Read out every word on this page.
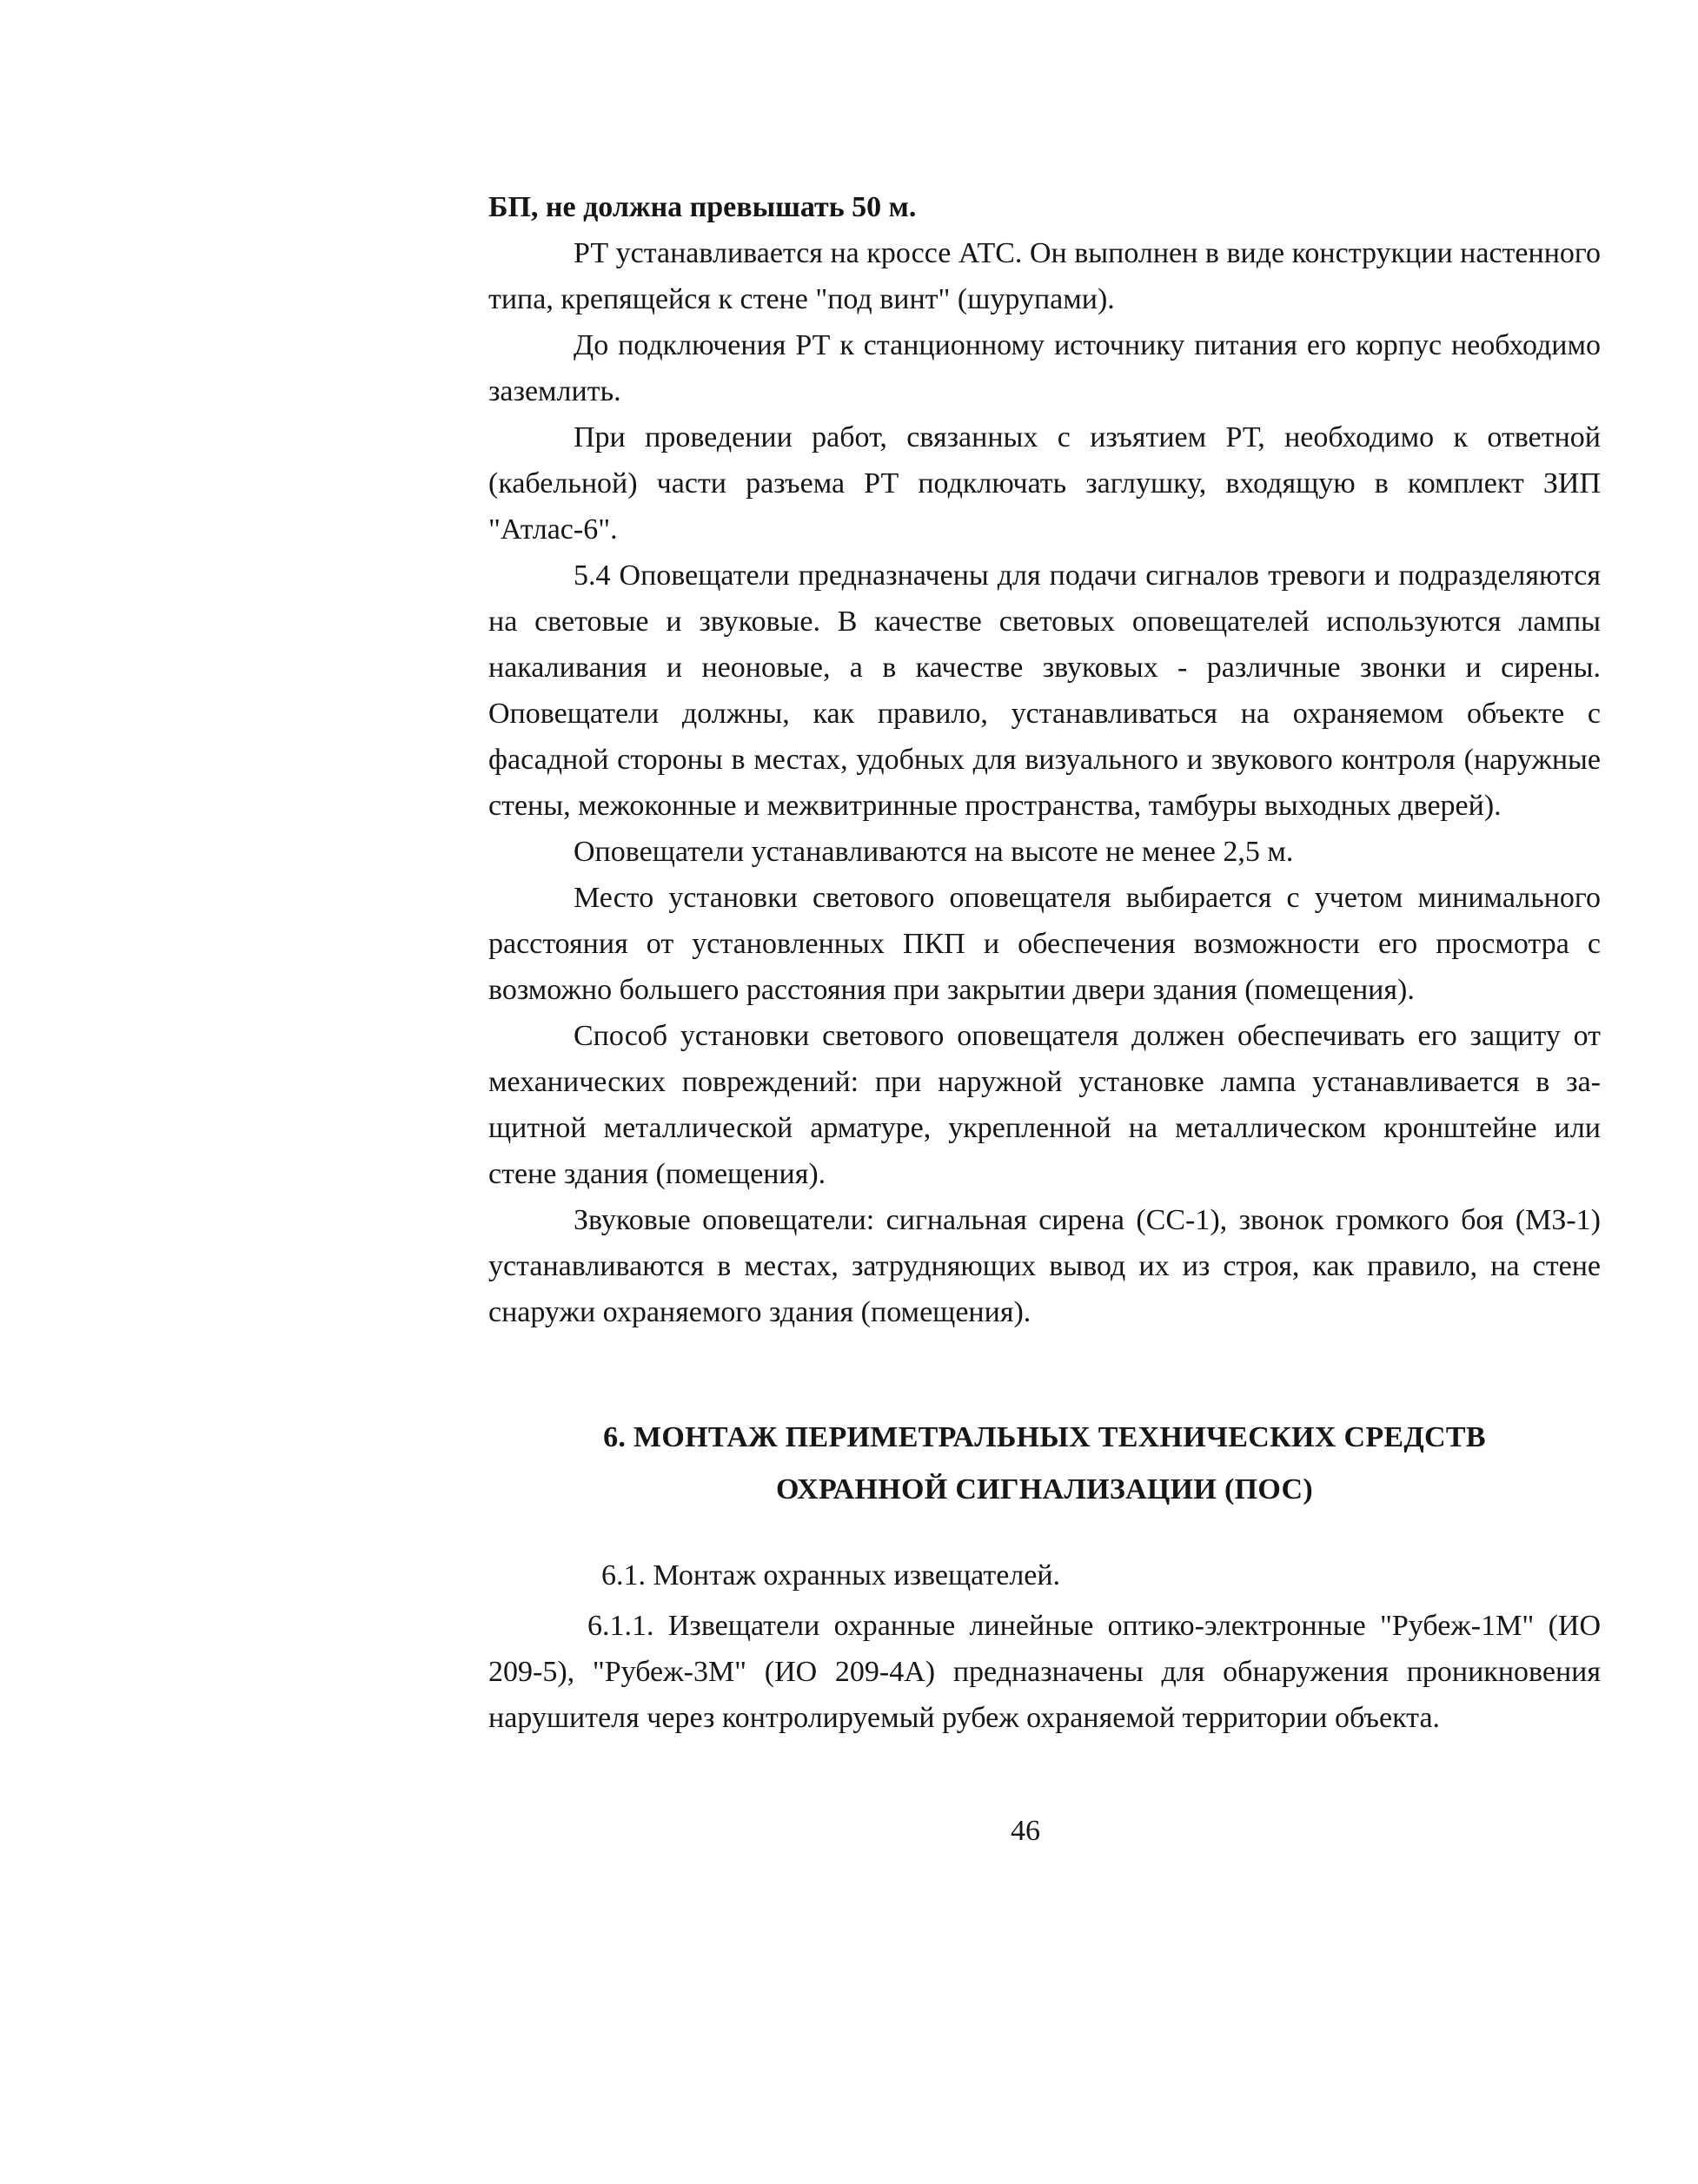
БП, не должна превышать 50 м.

РТ устанавливается на кроссе АТС. Он выполнен в виде конструкции настенного типа, крепящейся к стене "под винт" (шурупами).

До подключения РТ к станционному источнику питания его корпус необходимо заземлить.

При проведении работ, связанных с изъятием РТ, необходимо к ответной (кабельной) части разъема РТ подключать заглушку, входящую в комплект ЗИП "Атлас-6".

5.4 Оповещатели предназначены для подачи сигналов тревоги и подразделяются на световые и звуковые. В качестве световых оповещателей используются лампы накаливания и неоновые, а в качестве звуковых - различные звонки и сирены. Оповещатели должны, как правило, устанавливаться на охраняемом объекте с фасадной стороны в местах, удобных для визуального и звукового контроля (наружные стены, межоконные и межвитринные пространства, тамбуры выходных дверей).

Оповещатели устанавливаются на высоте не менее 2,5 м.

Место установки светового оповещателя выбирается с учетом минимального расстояния от установленных ПКП и обеспечения возможности его просмотра с возможно большего расстояния при закрытии двери здания (помещения).

Способ установки светового оповещателя должен обеспечивать его защиту от механических повреждений: при наружной установке лампа устанавливается в защитной металлической арматуре, укрепленной на металлическом кронштейне или стене здания (помещения).

Звуковые оповещатели: сигнальная сирена (СС-1), звонок громкого боя (МЗ-1) устанавливаются в местах, затрудняющих вывод их из строя, как правило, на стене снаружи охраняемого здания (помещения).

6. МОНТАЖ ПЕРИМЕТРАЛЬНЫХ ТЕХНИЧЕСКИХ СРЕДСТВ
ОХРАННОЙ СИГНАЛИЗАЦИИ (ПОС)

6.1. Монтаж охранных извещателей.

6.1.1. Извещатели охранные линейные оптико-электронные "Рубеж-1М" (ИО 209-5), "Рубеж-3М" (ИО 209-4А) предназначены для обнаружения проникновения нарушителя через контролируемый рубеж охраняемой территории объекта.

46
